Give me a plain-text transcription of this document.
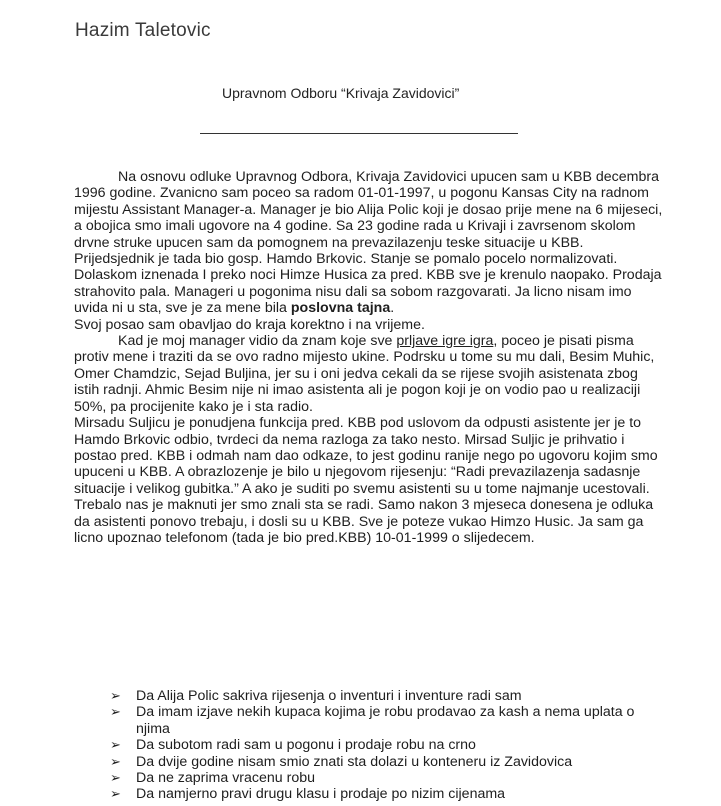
Hazim Taletovic
Upravnom Odboru “Krivaja Zavidovici”

Na osnovu odluke Upravnog Odbora, Krivaja Zavidovici upucen sam u KBB decembra 1996 godine. Zvanicno sam poceo sa radom 01-01-1997, u pogonu Kansas City na radnom mijestu Assistant Manager-a. Manager je bio Alija Polic koji je dosao prije mene na 6 mijeseci, a obojica smo imali ugovore na 4 godine. Sa 23 godine rada u Krivaji i zavrsenom skolom drvne struke upucen sam da pomognem na prevazilazenju teske situacije u KBB. Prijedsjednik je tada bio gosp. Hamdo Brkovic. Stanje se pomalo pocelo normalizovati. Dolaskom iznenada I preko noci Himze Husica za pred. KBB sve je krenulo naopako. Prodaja strahovito pala. Manageri u pogonima nisu dali sa sobom razgovarati. Ja licno nisam imo uvida ni u sta, sve je za mene bila poslovna tajna.

Svoj posao sam obavljao do kraja korektno i na vrijeme.

Kad je moj manager vidio da znam koje sve prljave igre igra, poceo je pisati pisma protiv mene i traziti da se ovo radno mijesto ukine. Podrsku u tome su mu dali, Besim Muhic, Omer Chamdzic, Sejad Buljina, jer su i oni jedva cekali da se rijese svojih asistenata zbog istih radnji. Ahmic Besim nije ni imao asistenta ali je pogon koji je on vodio pao u realizaciji 50%, pa procijenite kako je i sta radio.

Mirsadu Suljicu je ponudjena funkcija pred. KBB pod uslovom da odpusti asistente jer je to Hamdo Brkovic odbio, tvrdeci da nema razloga za tako nesto. Mirsad Suljic je prihvatio i postao pred. KBB i odmah nam dao odkaze, to jest godinu ranije nego po ugovoru kojim smo upuceni u KBB. A obrazlozenje je bilo u njegovom rijesenju: “Radi prevazilazenja sadasnje situacije i velikog gubitka.” A ako je suditi po svemu asistenti su u tome najmanje ucestovali. Trebalo nas je maknuti jer smo znali sta se radi. Samo nakon 3 mjeseca donesena je odluka da asistenti ponovo trebaju, i dosli su u KBB. Sve je poteze vukao Himzo Husic. Ja sam ga licno upoznao telefonom (tada je bio pred.KBB) 10-01-1999 o slijedecem.

➢ Da Alija Polic sakriva rijesenja o inventuri i inventure radi sam
➢ Da imam izjave nekih kupaca kojima je robu prodavao za kash a nema uplata o njima
➢ Da subotom radi sam u pogonu i prodaje robu na crno
➢ Da dvije godine nisam smio znati sta dolazi u konteneru iz Zavidovica
➢ Da ne zaprima vracenu robu
➢ Da namjerno pravi drugu klasu i prodaje po nizim cijenama
